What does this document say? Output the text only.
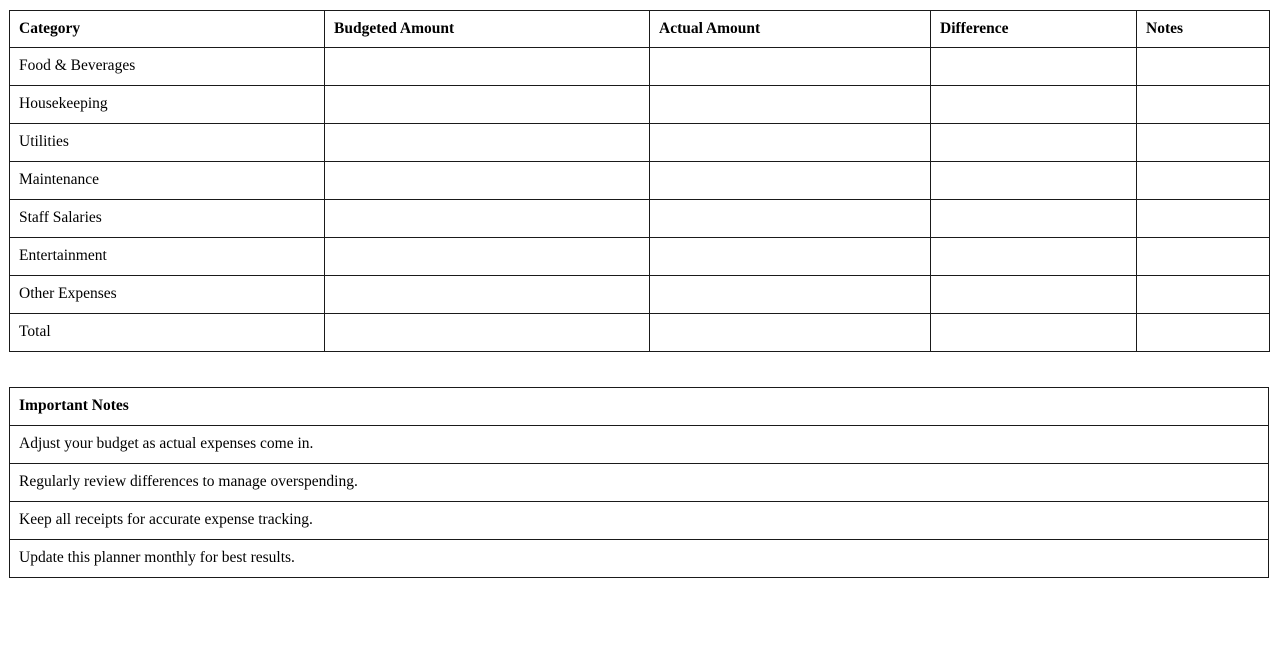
Category	Budgeted Amount	Actual Amount	Difference	Notes
Food & Beverages				
Housekeeping				
Utilities				
Maintenance				
Staff Salaries				
Entertainment				
Other Expenses				
Total				
Important Notes
Adjust your budget as actual expenses come in.
Regularly review differences to manage overspending.
Keep all receipts for accurate expense tracking.
Update this planner monthly for best results.
